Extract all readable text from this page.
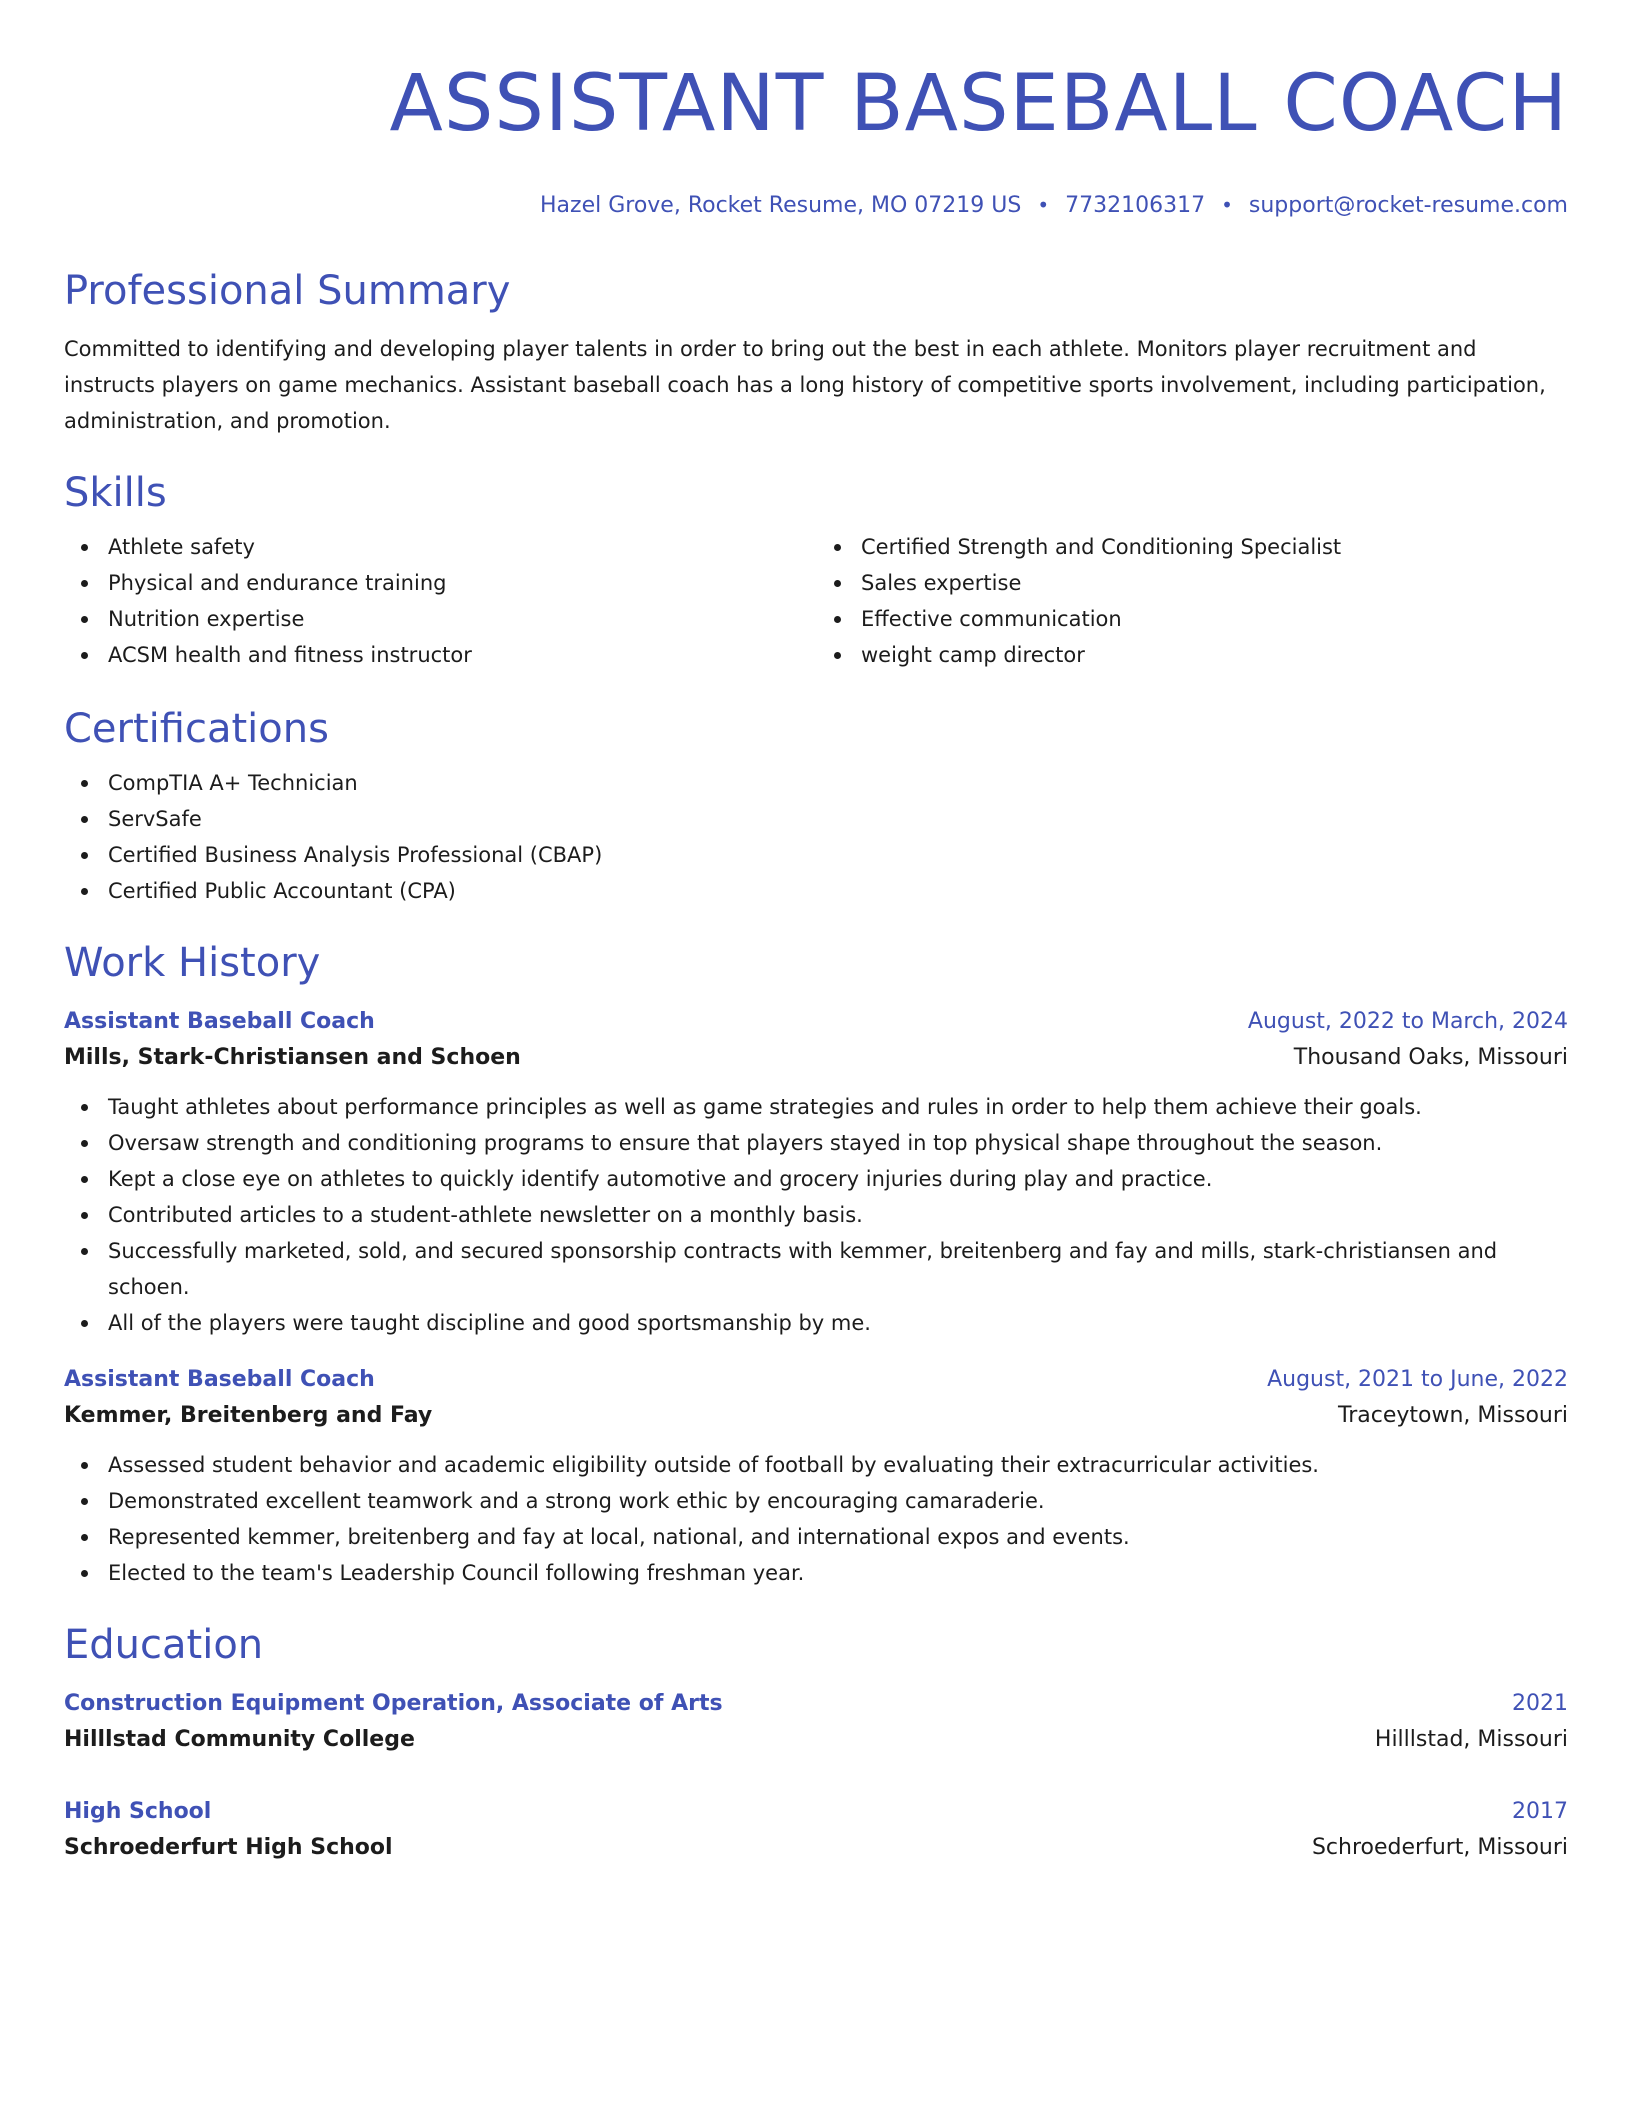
ASSISTANT BASEBALL COACH
Hazel Grove, Rocket Resume, MO 07219 US • 7732106317 • support@rocket-resume.com
Professional Summary

Committed to identifying and developing player talents in order to bring out the best in each athlete. Monitors player recruitment and instructs players on game mechanics. Assistant baseball coach has a long history of competitive sports involvement, including participation, administration, and promotion.

Skills
Athlete safety
Physical and endurance training
Nutrition expertise
ACSM health and fitness instructor
Certified Strength and Conditioning Specialist
Sales expertise
Effective communication
weight camp director
Certifications
CompTIA A+ Technician
ServSafe
Certified Business Analysis Professional (CBAP)
Certified Public Accountant (CPA)
Work History
Assistant Baseball Coach	August, 2022 to March, 2024
Mills, Stark-Christiansen and Schoen	Thousand Oaks, Missouri
Taught athletes about performance principles as well as game strategies and rules in order to help them achieve their goals.
Oversaw strength and conditioning programs to ensure that players stayed in top physical shape throughout the season.
Kept a close eye on athletes to quickly identify automotive and grocery injuries during play and practice.
Contributed articles to a student-athlete newsletter on a monthly basis.
Successfully marketed, sold, and secured sponsorship contracts with kemmer, breitenberg and fay and mills, stark-christiansen and schoen.
All of the players were taught discipline and good sportsmanship by me.
Assistant Baseball Coach	August, 2021 to June, 2022
Kemmer, Breitenberg and Fay	Traceytown, Missouri
Assessed student behavior and academic eligibility outside of football by evaluating their extracurricular activities.
Demonstrated excellent teamwork and a strong work ethic by encouraging camaraderie.
Represented kemmer, breitenberg and fay at local, national, and international expos and events.
Elected to the team's Leadership Council following freshman year.
Education
Construction Equipment Operation, Associate of Arts	2021
Hilllstad Community College	Hilllstad, Missouri
High School	2017
Schroederfurt High School	Schroederfurt, Missouri
